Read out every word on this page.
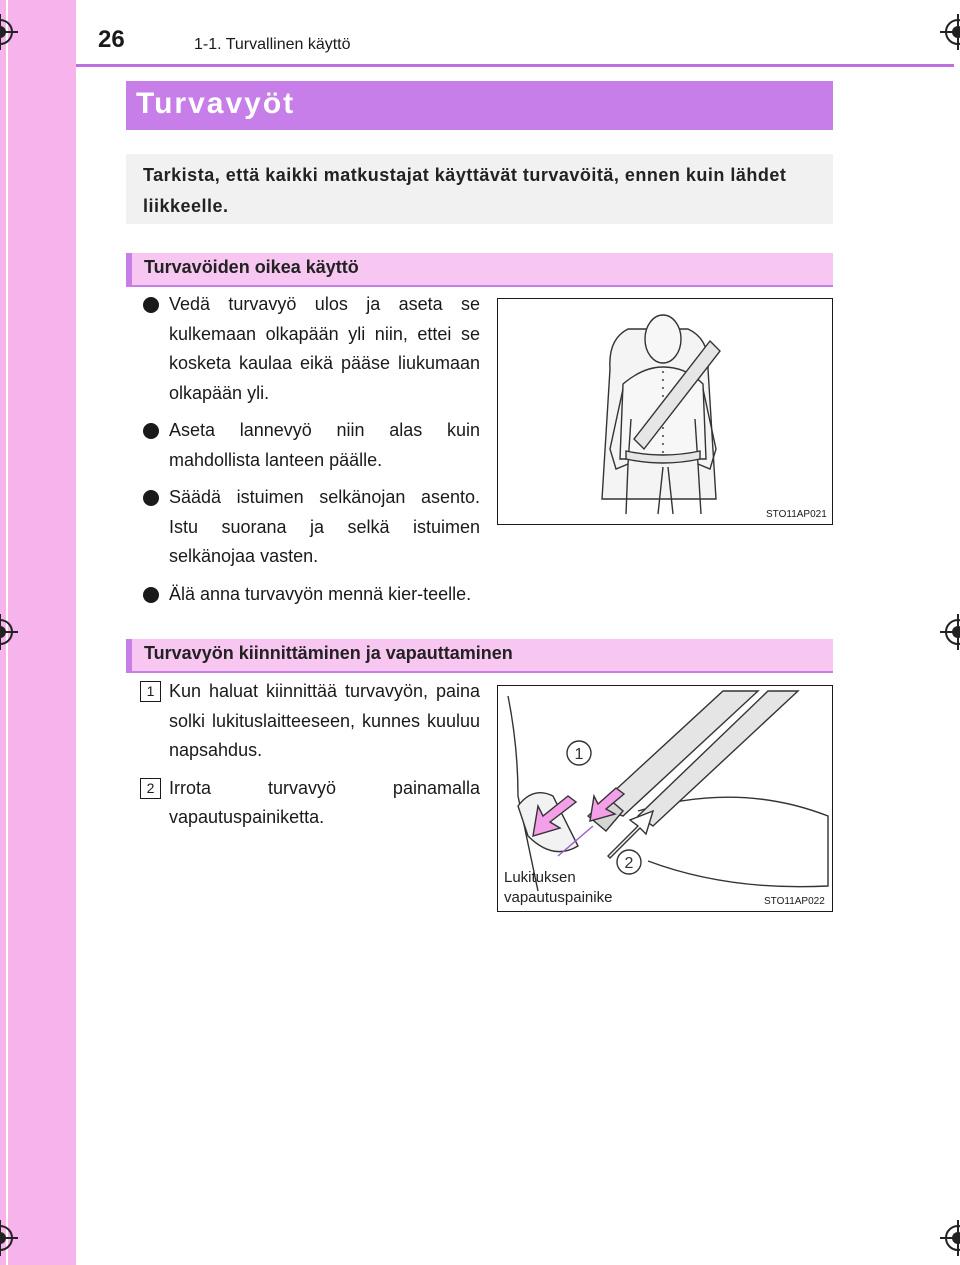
26	1-1. Turvallinen käyttö
Turvavyöt

Tarkista, että kaikki matkustajat käyttävät turvavöitä, ennen kuin lähdet liikkeelle.

Turvavöiden oikea käyttö
Vedä turvavyö ulos ja aseta se kulkemaan olkapään yli niin, ettei se kosketa kaulaa eikä pääse liukumaan olkapään yli.
Aseta lannevyö niin alas kuin mahdollista lanteen päälle.
Säädä istuimen selkänojan asento. Istu suorana ja selkä istuimen selkänojaa vasten.
Älä anna turvavyön mennä kier-teelle.
STO11AP021
Turvavyön kiinnittäminen ja vapauttaminen
1 Kun haluat kiinnittää turvavyön, paina solki lukituslaitteeseen, kunnes kuuluu napsahdus.
2 Irrota turvavyö painamalla vapautuspainiketta.
1
2
Lukituksen
vapautuspainike	STO11AP022
